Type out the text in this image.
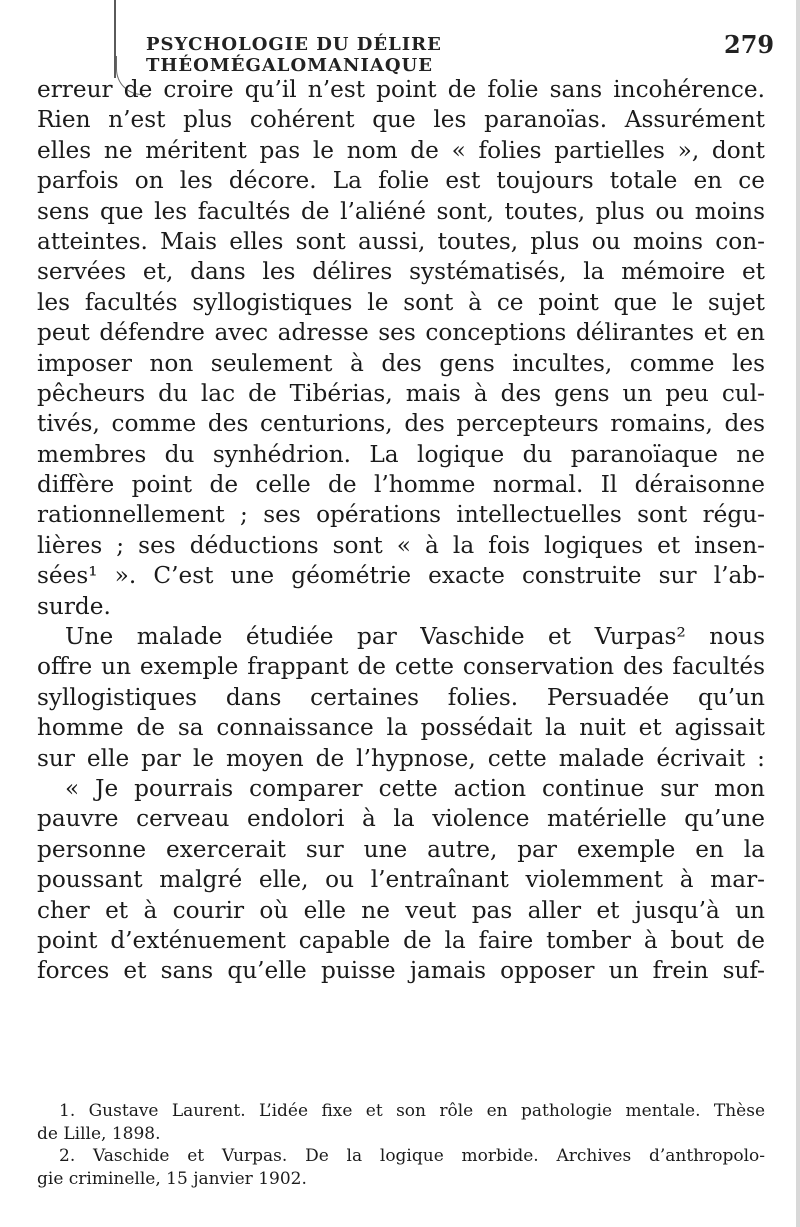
PSYCHOLOGIE DU DÉLIRE THÉOMÉGALOMANIAQUE
279
erreur de croire qu’il n’est point de folie sans incohérence.
Rien n’est plus cohérent que les paranoïas. Assurément
elles ne méritent pas le nom de « folies partielles », dont
parfois on les décore. La folie est toujours totale en ce
sens que les facultés de l’aliéné sont, toutes, plus ou moins
atteintes. Mais elles sont aussi, toutes, plus ou moins con-
servées et, dans les délires systématisés, la mémoire et
les facultés syllogistiques le sont à ce point que le sujet
peut défendre avec adresse ses conceptions délirantes et en
imposer non seulement à des gens incultes, comme les
pêcheurs du lac de Tibérias, mais à des gens un peu cul-
tivés, comme des centurions, des percepteurs romains, des
membres du synhédrion. La logique du paranoïaque ne
diffère point de celle de l’homme normal. Il déraisonne
rationnellement ; ses opérations intellectuelles sont régu-
lières ; ses déductions sont « à la fois logiques et insen-
sées¹ ». C’est une géométrie exacte construite sur l’ab-
surde.
Une malade étudiée par Vaschide et Vurpas² nous
offre un exemple frappant de cette conservation des facultés
syllogistiques dans certaines folies. Persuadée qu’un
homme de sa connaissance la possédait la nuit et agissait
sur elle par le moyen de l’hypnose, cette malade écrivait :
« Je pourrais comparer cette action continue sur mon
pauvre cerveau endolori à la violence matérielle qu’une
personne exercerait sur une autre, par exemple en la
poussant malgré elle, ou l’entraînant violemment à mar-
cher et à courir où elle ne veut pas aller et jusqu’à un
point d’exténuement capable de la faire tomber à bout de
forces et sans qu’elle puisse jamais opposer un frein suf-
1. Gustave Laurent. L’idée fixe et son rôle en pathologie mentale. Thèse
de Lille, 1898.
2. Vaschide et Vurpas. De la logique morbide. Archives d’anthropolo-
gie criminelle, 15 janvier 1902.
